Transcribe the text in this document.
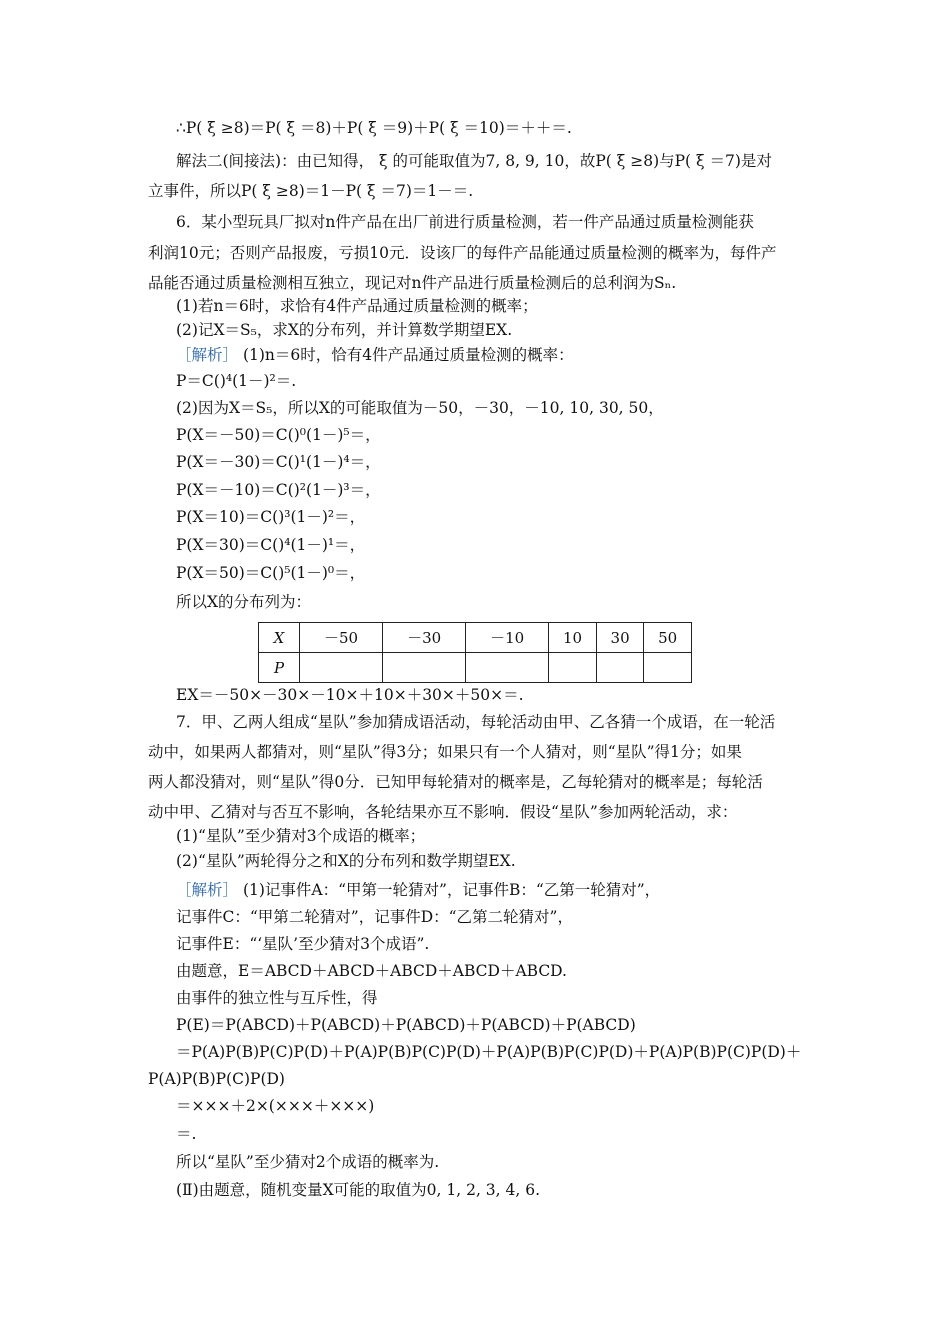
∴P( ξ ≥8)＝P( ξ ＝8)＋P( ξ ＝9)＋P( ξ ＝10)＝＋＋＝.
解法二(间接法)：由已知得， ξ 的可能取值为7, 8, 9, 10，故P( ξ ≥8)与P( ξ ＝7)是对
立事件，所以P( ξ ≥8)＝1－P( ξ ＝7)＝1－＝.
6．某小型玩具厂拟对n件产品在出厂前进行质量检测，若一件产品通过质量检测能获
利润10元；否则产品报废，亏损10元．设该厂的每件产品能通过质量检测的概率为，每件产
品能否通过质量检测相互独立，现记对n件产品进行质量检测后的总利润为Sₙ.
(1)若n＝6时，求恰有4件产品通过质量检测的概率；
(2)记X＝S₅，求X的分布列，并计算数学期望EX.
［解析］ (1)n＝6时，恰有4件产品通过质量检测的概率：
P＝C()⁴(1－)²＝.
(2)因为X＝S₅，所以X的可能取值为－50，－30，－10, 10, 30, 50，
P(X＝－50)＝C()⁰(1－)⁵＝，
P(X＝－30)＝C()¹(1－)⁴＝，
P(X＝－10)＝C()²(1－)³＝，
P(X＝10)＝C()³(1－)²＝，
P(X＝30)＝C()⁴(1－)¹＝，
P(X＝50)＝C()⁵(1－)⁰＝，
所以X的分布列为：
EX＝－50×－30×－10×＋10×＋30×＋50×＝.
7．甲、乙两人组成“星队”参加猜成语活动，每轮活动由甲、乙各猜一个成语，在一轮活
动中，如果两人都猜对，则“星队”得3分；如果只有一个人猜对，则“星队”得1分；如果
两人都没猜对，则“星队”得0分．已知甲每轮猜对的概率是，乙每轮猜对的概率是；每轮活
动中甲、乙猜对与否互不影响，各轮结果亦互不影响．假设“星队”参加两轮活动，求：
(1)“星队”至少猜对3个成语的概率；
(2)“星队”两轮得分之和X的分布列和数学期望EX.
［解析］ (1)记事件A：“甲第一轮猜对”，记事件B：“乙第一轮猜对”，
记事件C：“甲第二轮猜对”，记事件D：“乙第二轮猜对”，
记事件E：“‘星队’至少猜对3个成语”.
由题意，E＝ABCD＋ABCD＋ABCD＋ABCD＋ABCD.
由事件的独立性与互斥性，得
P(E)＝P(ABCD)＋P(ABCD)＋P(ABCD)＋P(ABCD)＋P(ABCD)
＝P(A)P(B)P(C)P(D)＋P(A)P(B)P(C)P(D)＋P(A)P(B)P(C)P(D)＋P(A)P(B)P(C)P(D)＋
P(A)P(B)P(C)P(D)
＝×××＋2×(×××＋×××)
＝.
所以“星队”至少猜对2个成语的概率为.
(Ⅱ)由题意，随机变量X可能的取值为0, 1, 2, 3, 4, 6.
X	－50	－30	－10	10	30	50
P						
